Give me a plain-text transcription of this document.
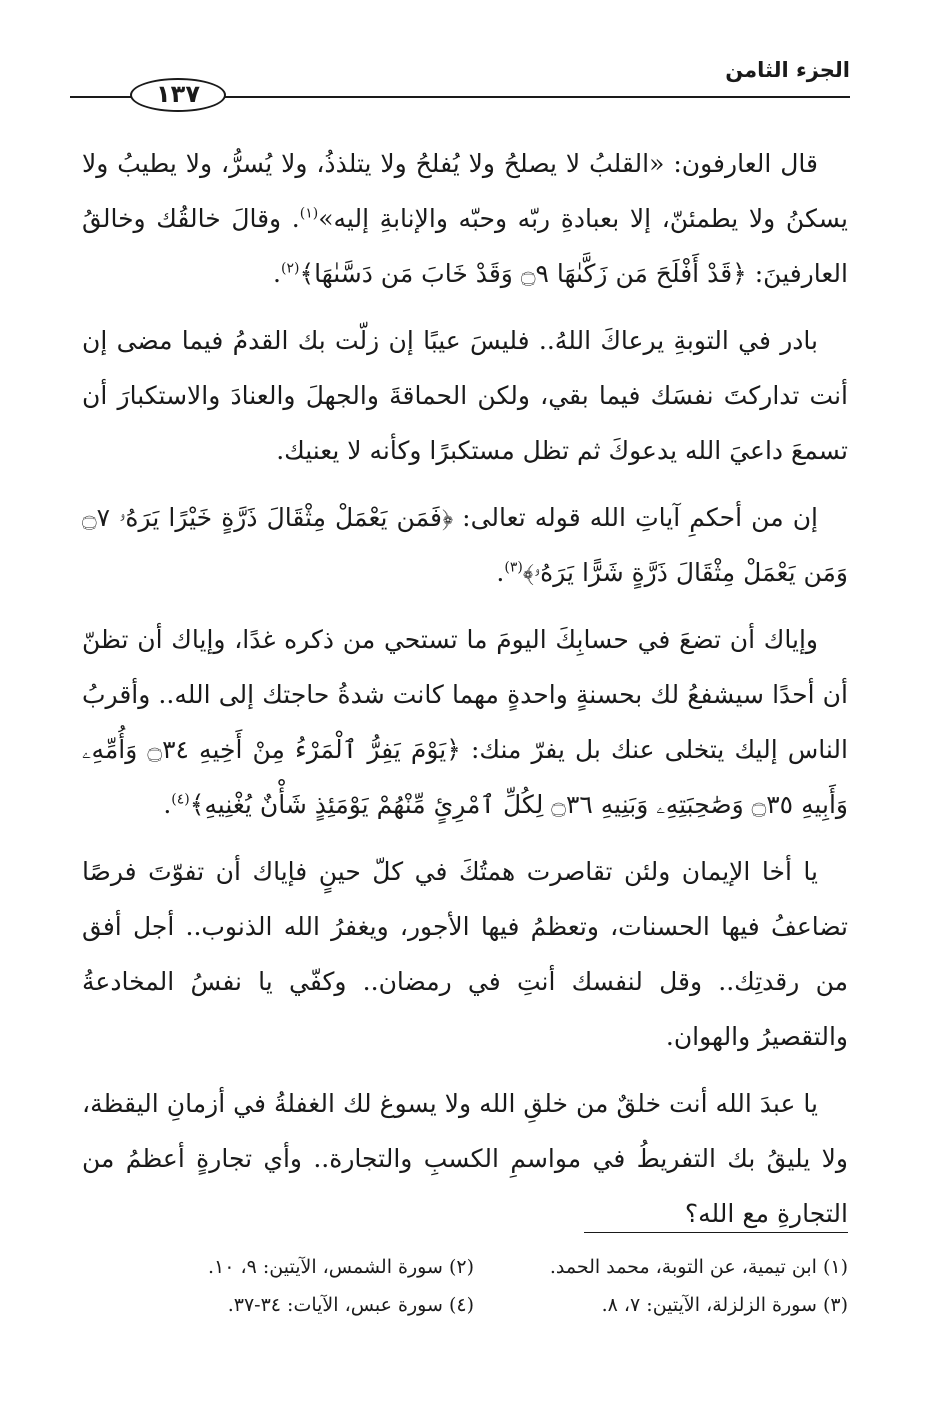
الجزء الثامن
١٣٧

قال العارفون: «القلبُ لا يصلحُ ولا يُفلحُ ولا يتلذذُ، ولا يُسرُّ، ولا يطيبُ ولا يسكنُ ولا يطمئنّ، إلا بعبادةِ ربّه وحبّه والإنابةِ إليه»$^{(١)}$. وقالَ خالقُك وخالقُ العارفينَ: ﴿قَدْ أَفْلَحَ مَن زَكَّىٰهَا ۝٩ وَقَدْ خَابَ مَن دَسَّىٰهَا﴾$^{(٢)}$.

بادر في التوبةِ يرعاكَ اللهُ.. فليسَ عيبًا إن زلّت بك القدمُ فيما مضى إن أنت تداركتَ نفسَك فيما بقي، ولكن الحماقةَ والجهلَ والعنادَ والاستكبارَ أن تسمعَ داعيَ الله يدعوكَ ثم تظل مستكبرًا وكأنه لا يعنيك.

إن من أحكمِ آياتِ الله قوله تعالى: ﴿فَمَن يَعْمَلْ مِثْقَالَ ذَرَّةٍ خَيْرًا يَرَهُۥ ۝٧ وَمَن يَعْمَلْ مِثْقَالَ ذَرَّةٍ شَرًّا يَرَهُۥ﴾$^{(٣)}$.

وإياك أن تضعَ في حسابِكَ اليومَ ما تستحي من ذكره غدًا، وإياك أن تظنّ أن أحدًا سيشفعُ لك بحسنةٍ واحدةٍ مهما كانت شدةُ حاجتك إلى الله.. وأقربُ الناس إليك يتخلى عنك بل يفرّ منك: ﴿يَوْمَ يَفِرُّ ٱلْمَرْءُ مِنْ أَخِيهِ ۝٣٤ وَأُمِّهِۦ وَأَبِيهِ ۝٣٥ وَصَٰحِبَتِهِۦ وَبَنِيهِ ۝٣٦ لِكُلِّ ٱمْرِئٍ مِّنْهُمْ يَوْمَئِذٍ شَأْنٌ يُغْنِيهِ﴾$^{(٤)}$.

يا أخا الإيمان ولئن تقاصرت همتُكَ في كلّ حينٍ فإياك أن تفوّتَ فرصًا تضاعفُ فيها الحسنات، وتعظمُ فيها الأجور، ويغفرُ الله الذنوب.. أجل أفق من رقدتِك.. وقل لنفسك أنتِ في رمضان.. وكفّي يا نفسُ المخادعةُ والتقصيرُ والهوان.

يا عبدَ الله أنت خلقٌ من خلقِ الله ولا يسوغ لك الغفلةُ في أزمانِ اليقظة، ولا يليقُ بك التفريطُ في مواسمِ الكسبِ والتجارة.. وأي تجارةٍ أعظمُ من التجارةِ مع الله؟

(١) ابن تيمية، عن التوبة، محمد الحمد.
(٢) سورة الشمس، الآيتين: ٩، ١٠.
(٣) سورة الزلزلة، الآيتين: ٧، ٨.
(٤) سورة عبس، الآيات: ٣٤-٣٧.
